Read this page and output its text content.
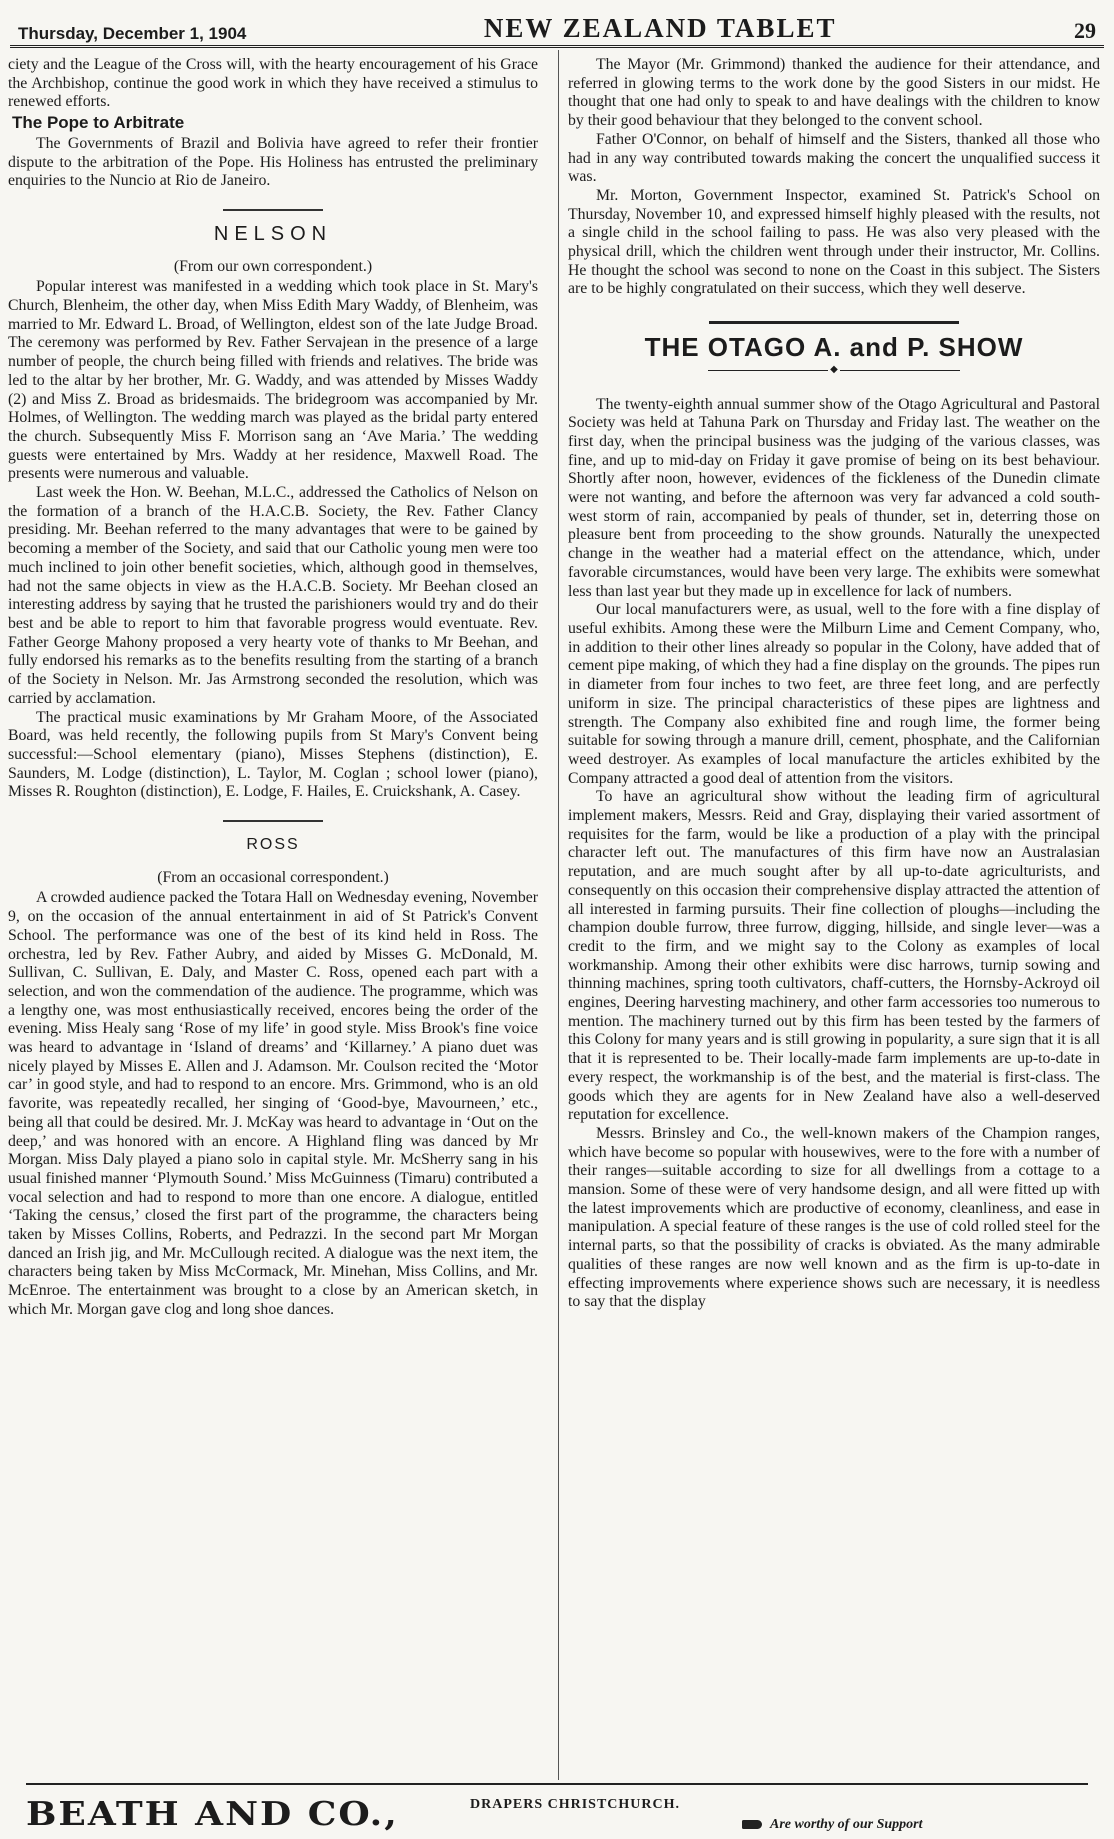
Thursday, December 1, 1904	NEW ZEALAND TABLET	29

ciety and the League of the Cross will, with the hearty encouragement of his Grace the Archbishop, continue the good work in which they have received a stimulus to renewed efforts.

The Pope to Arbitrate

The Governments of Brazil and Bolivia have agreed to refer their frontier dispute to the arbitration of the Pope. His Holiness has entrusted the preliminary enquiries to the Nuncio at Rio de Janeiro.

NELSON
(From our own correspondent.)

Popular interest was manifested in a wedding which took place in St. Mary's Church, Blenheim, the other day, when Miss Edith Mary Waddy, of Blenheim, was married to Mr. Edward L. Broad, of Wellington, eldest son of the late Judge Broad. The ceremony was performed by Rev. Father Servajean in the presence of a large number of people, the church being filled with friends and relatives. The bride was led to the altar by her brother, Mr. G. Waddy, and was attended by Misses Waddy (2) and Miss Z. Broad as bridesmaids. The bridegroom was accompanied by Mr. Holmes, of Wellington. The wedding march was played as the bridal party entered the church. Subsequently Miss F. Morrison sang an ‘Ave Maria.’ The wedding guests were entertained by Mrs. Waddy at her residence, Maxwell Road. The presents were numerous and valuable.

Last week the Hon. W. Beehan, M.L.C., addressed the Catholics of Nelson on the formation of a branch of the H.A.C.B. Society, the Rev. Father Clancy presiding. Mr. Beehan referred to the many advantages that were to be gained by becoming a member of the Society, and said that our Catholic young men were too much inclined to join other benefit societies, which, although good in themselves, had not the same objects in view as the H.A.C.B. Society. Mr Beehan closed an interesting address by saying that he trusted the parishioners would try and do their best and be able to report to him that favorable progress would eventuate. Rev. Father George Mahony proposed a very hearty vote of thanks to Mr Beehan, and fully endorsed his remarks as to the benefits resulting from the starting of a branch of the Society in Nelson. Mr. Jas Armstrong seconded the resolution, which was carried by acclamation.

The practical music examinations by Mr Graham Moore, of the Associated Board, was held recently, the following pupils from St Mary's Convent being successful:—School elementary (piano), Misses Stephens (distinction), E. Saunders, M. Lodge (distinction), L. Taylor, M. Coglan ; school lower (piano), Misses R. Roughton (distinction), E. Lodge, F. Hailes, E. Cruickshank, A. Casey.

ROSS
(From an occasional correspondent.)

A crowded audience packed the Totara Hall on Wednesday evening, November 9, on the occasion of the annual entertainment in aid of St Patrick's Convent School. The performance was one of the best of its kind held in Ross. The orchestra, led by Rev. Father Aubry, and aided by Misses G. McDonald, M. Sullivan, C. Sullivan, E. Daly, and Master C. Ross, opened each part with a selection, and won the commendation of the audience. The programme, which was a lengthy one, was most enthusiastically received, encores being the order of the evening. Miss Healy sang ‘Rose of my life’ in good style. Miss Brook's fine voice was heard to advantage in ‘Island of dreams’ and ‘Killarney.’ A piano duet was nicely played by Misses E. Allen and J. Adamson. Mr. Coulson recited the ‘Motor car’ in good style, and had to respond to an encore. Mrs. Grimmond, who is an old favorite, was repeatedly recalled, her singing of ‘Good-bye, Mavourneen,’ etc., being all that could be desired. Mr. J. McKay was heard to advantage in ‘Out on the deep,’ and was honored with an encore. A Highland fling was danced by Mr Morgan. Miss Daly played a piano solo in capital style. Mr. McSherry sang in his usual finished manner ‘Plymouth Sound.’ Miss McGuinness (Timaru) contributed a vocal selection and had to respond to more than one encore. A dialogue, entitled ‘Taking the census,’ closed the first part of the programme, the characters being taken by Misses Collins, Roberts, and Pedrazzi. In the second part Mr Morgan danced an Irish jig, and Mr. McCullough recited. A dialogue was the next item, the characters being taken by Miss McCormack, Mr. Minehan, Miss Collins, and Mr. McEnroe. The entertainment was brought to a close by an American sketch, in which Mr. Morgan gave clog and long shoe dances.

The Mayor (Mr. Grimmond) thanked the audience for their attendance, and referred in glowing terms to the work done by the good Sisters in our midst. He thought that one had only to speak to and have dealings with the children to know by their good behaviour that they belonged to the convent school.

Father O'Connor, on behalf of himself and the Sisters, thanked all those who had in any way contributed towards making the concert the unqualified success it was.

Mr. Morton, Government Inspector, examined St. Patrick's School on Thursday, November 10, and expressed himself highly pleased with the results, not a single child in the school failing to pass. He was also very pleased with the physical drill, which the children went through under their instructor, Mr. Collins. He thought the school was second to none on the Coast in this subject. The Sisters are to be highly congratulated on their success, which they well deserve.

THE OTAGO A. and P. SHOW
◆

The twenty-eighth annual summer show of the Otago Agricultural and Pastoral Society was held at Tahuna Park on Thursday and Friday last. The weather on the first day, when the principal business was the judging of the various classes, was fine, and up to mid-day on Friday it gave promise of being on its best behaviour. Shortly after noon, however, evidences of the fickleness of the Dunedin climate were not wanting, and before the afternoon was very far advanced a cold south-west storm of rain, accompanied by peals of thunder, set in, deterring those on pleasure bent from proceeding to the show grounds. Naturally the unexpected change in the weather had a material effect on the attendance, which, under favorable circumstances, would have been very large. The exhibits were somewhat less than last year but they made up in excellence for lack of numbers.

Our local manufacturers were, as usual, well to the fore with a fine display of useful exhibits. Among these were the Milburn Lime and Cement Company, who, in addition to their other lines already so popular in the Colony, have added that of cement pipe making, of which they had a fine display on the grounds. The pipes run in diameter from four inches to two feet, are three feet long, and are perfectly uniform in size. The principal characteristics of these pipes are lightness and strength. The Company also exhibited fine and rough lime, the former being suitable for sowing through a manure drill, cement, phosphate, and the Californian weed destroyer. As examples of local manufacture the articles exhibited by the Company attracted a good deal of attention from the visitors.

To have an agricultural show without the leading firm of agricultural implement makers, Messrs. Reid and Gray, displaying their varied assortment of requisites for the farm, would be like a production of a play with the principal character left out. The manufactures of this firm have now an Australasian reputation, and are much sought after by all up-to-date agriculturists, and consequently on this occasion their comprehensive display attracted the attention of all interested in farming pursuits. Their fine collection of ploughs—including the champion double furrow, three furrow, digging, hillside, and single lever—was a credit to the firm, and we might say to the Colony as examples of local workmanship. Among their other exhibits were disc harrows, turnip sowing and thinning machines, spring tooth cultivators, chaff-cutters, the Hornsby-Ackroyd oil engines, Deering harvesting machinery, and other farm accessories too numerous to mention. The machinery turned out by this firm has been tested by the farmers of this Colony for many years and is still growing in popularity, a sure sign that it is all that it is represented to be. Their locally-made farm implements are up-to-date in every respect, the workmanship is of the best, and the material is first-class. The goods which they are agents for in New Zealand have also a well-deserved reputation for excellence.

Messrs. Brinsley and Co., the well-known makers of the Champion ranges, which have become so popular with housewives, were to the fore with a number of their ranges—suitable according to size for all dwellings from a cottage to a mansion. Some of these were of very handsome design, and all were fitted up with the latest improvements which are productive of economy, cleanliness, and ease in manipulation. A special feature of these ranges is the use of cold rolled steel for the internal parts, so that the possibility of cracks is obviated. As the many admirable qualities of these ranges are now well known and as the firm is up-to-date in effecting improvements where experience shows such are necessary, it is needless to say that the display

BEATH AND CO.,	DRAPERS CHRISTCHURCH.
Are worthy of our Support
